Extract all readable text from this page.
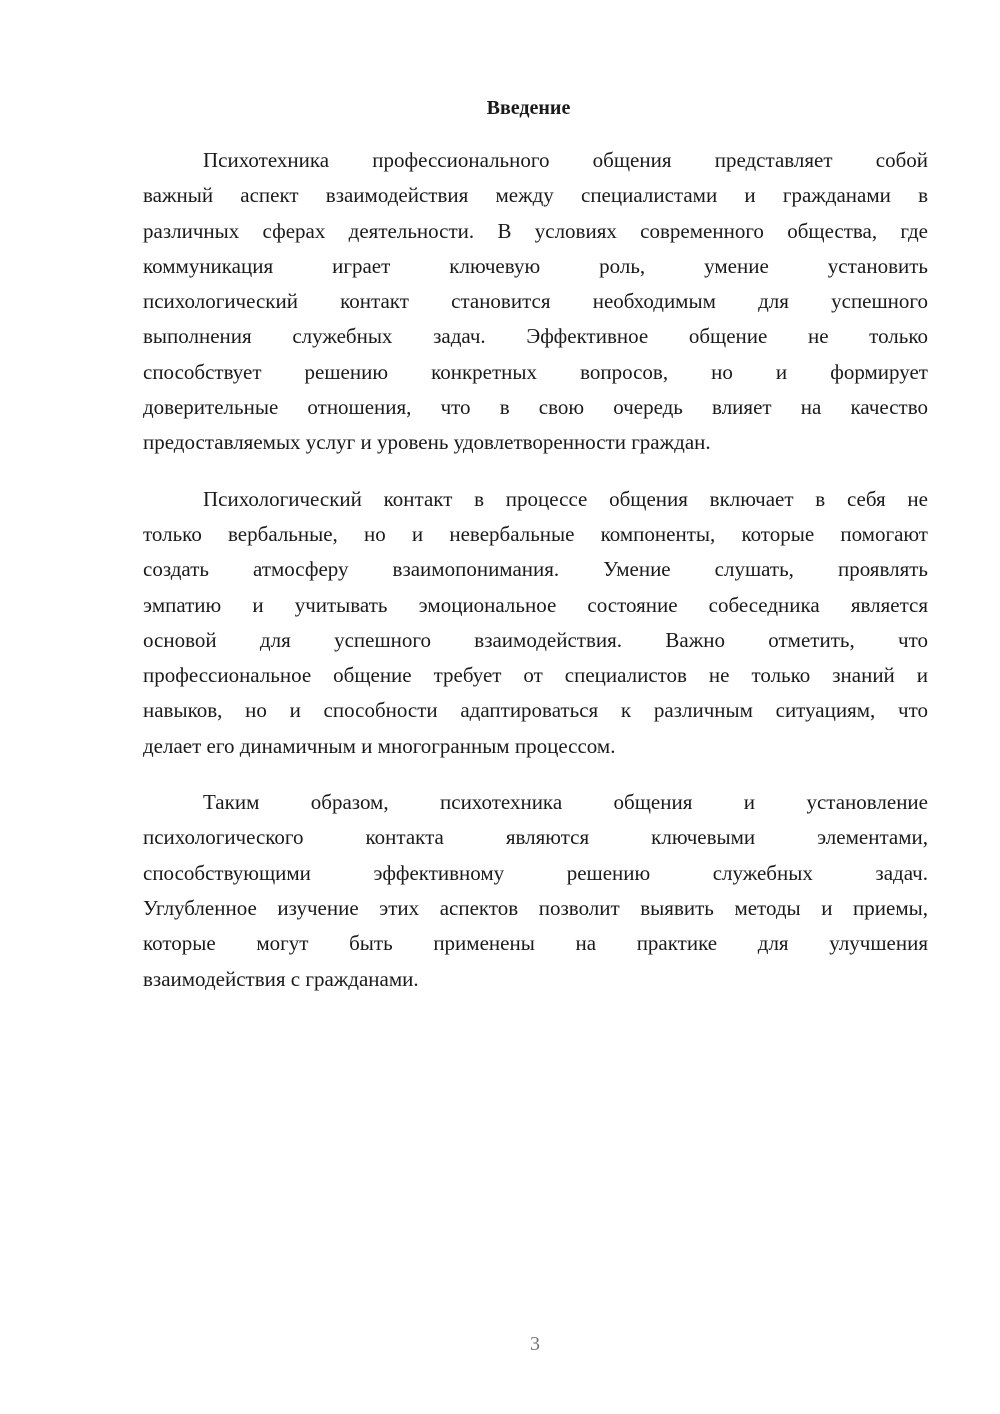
Введение
Психотехника профессионального общения представляет собой
важный аспект взаимодействия между специалистами и гражданами в
различных сферах деятельности. В условиях современного общества, где
коммуникация играет ключевую роль, умение установить
психологический контакт становится необходимым для успешного
выполнения служебных задач. Эффективное общение не только
способствует решению конкретных вопросов, но и формирует
доверительные отношения, что в свою очередь влияет на качество
предоставляемых услуг и уровень удовлетворенности граждан.
Психологический контакт в процессе общения включает в себя не
только вербальные, но и невербальные компоненты, которые помогают
создать атмосферу взаимопонимания. Умение слушать, проявлять
эмпатию и учитывать эмоциональное состояние собеседника является
основой для успешного взаимодействия. Важно отметить, что
профессиональное общение требует от специалистов не только знаний и
навыков, но и способности адаптироваться к различным ситуациям, что
делает его динамичным и многогранным процессом.
Таким образом, психотехника общения и установление
психологического контакта являются ключевыми элементами,
способствующими эффективному решению служебных задач.
Углубленное изучение этих аспектов позволит выявить методы и приемы,
которые могут быть применены на практике для улучшения
взаимодействия с гражданами.
3
